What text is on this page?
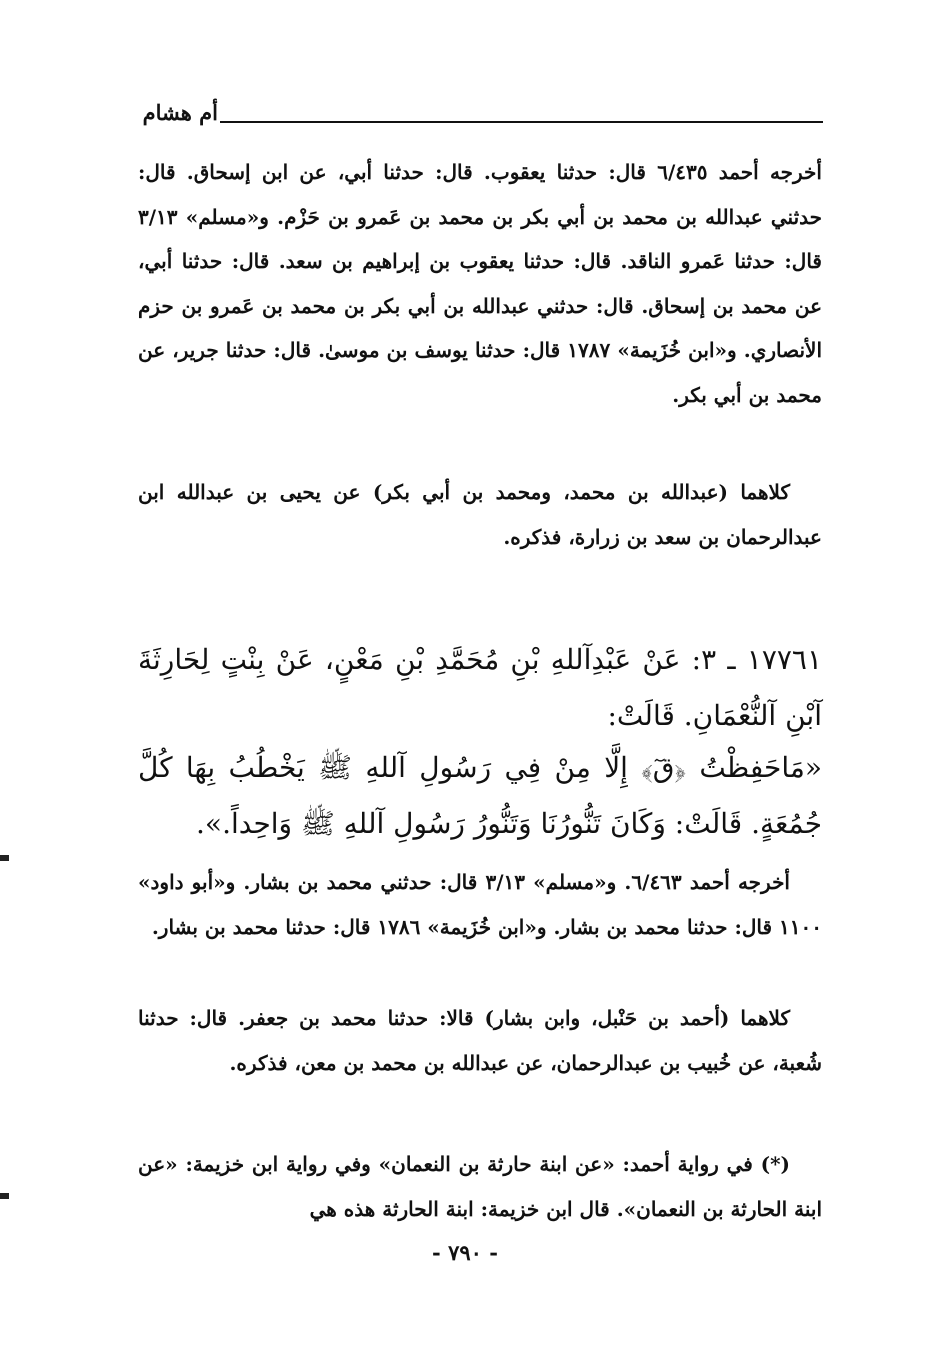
أم هشام

أخرجه أحمد ٦/٤٣٥ قال: حدثنا يعقوب. قال: حدثنا أبي، عن ابن إسحاق. قال: حدثني عبدالله بن محمد بن أبي بكر بن محمد بن عَمرو بن حَزْم. و«مسلم» ٣/١٣ قال: حدثنا عَمرو الناقد. قال: حدثنا يعقوب بن إبراهيم بن سعد. قال: حدثنا أبي، عن محمد بن إسحاق. قال: حدثني عبدالله بن أبي بكر بن محمد بن عَمرو بن حزم الأنصاري. و«ابن خُزَيمة» ١٧٨٧ قال: حدثنا يوسف بن موسىٰ. قال: حدثنا جرير، عن محمد بن أبي بكر.

كلاهما (عبدالله بن محمد، ومحمد بن أبي بكر) عن يحيى بن عبدالله ابن عبدالرحمان بن سعد بن زرارة، فذكره.

١٧٧٦١ ـ ٣: عَنْ عَبْدِآللهِ بْنِ مُحَمَّدِ بْنِ مَعْنٍ، عَنْ بِنْتٍ لِحَارِثَةَ آبْنِ آلنُّعْمَانِ. قَالَتْ:

«مَاحَفِظْتُ ﴿قٓ﴾ إِلَّا مِنْ فِي رَسُولِ آللهِ ﷺ يَخْطُبُ بِهَا كُلَّ جُمُعَةٍ. قَالَتْ: وَكَانَ تَنُّورُنَا وَتَنُّورُ رَسُولِ آللهِ ﷺ وَاحِداً.».

أخرجه أحمد ٦/٤٦٣. و«مسلم» ٣/١٣ قال: حدثني محمد بن بشار. و«أبو داود» ١١٠٠ قال: حدثنا محمد بن بشار. و«ابن خُزَيمة» ١٧٨٦ قال: حدثنا محمد بن بشار.

كلاهما (أحمد بن حَنْبل، وابن بشار) قالا: حدثنا محمد بن جعفر. قال: حدثنا شُعبة، عن خُبيب بن عبدالرحمان، عن عبدالله بن محمد بن معن، فذكره.

(*) في رواية أحمد: «عن ابنة حارثة بن النعمان» وفي رواية ابن خزيمة: «عن ابنة الحارثة بن النعمان». قال ابن خزيمة: ابنة الحارثة هذه هي

- ٧٩٠ -
